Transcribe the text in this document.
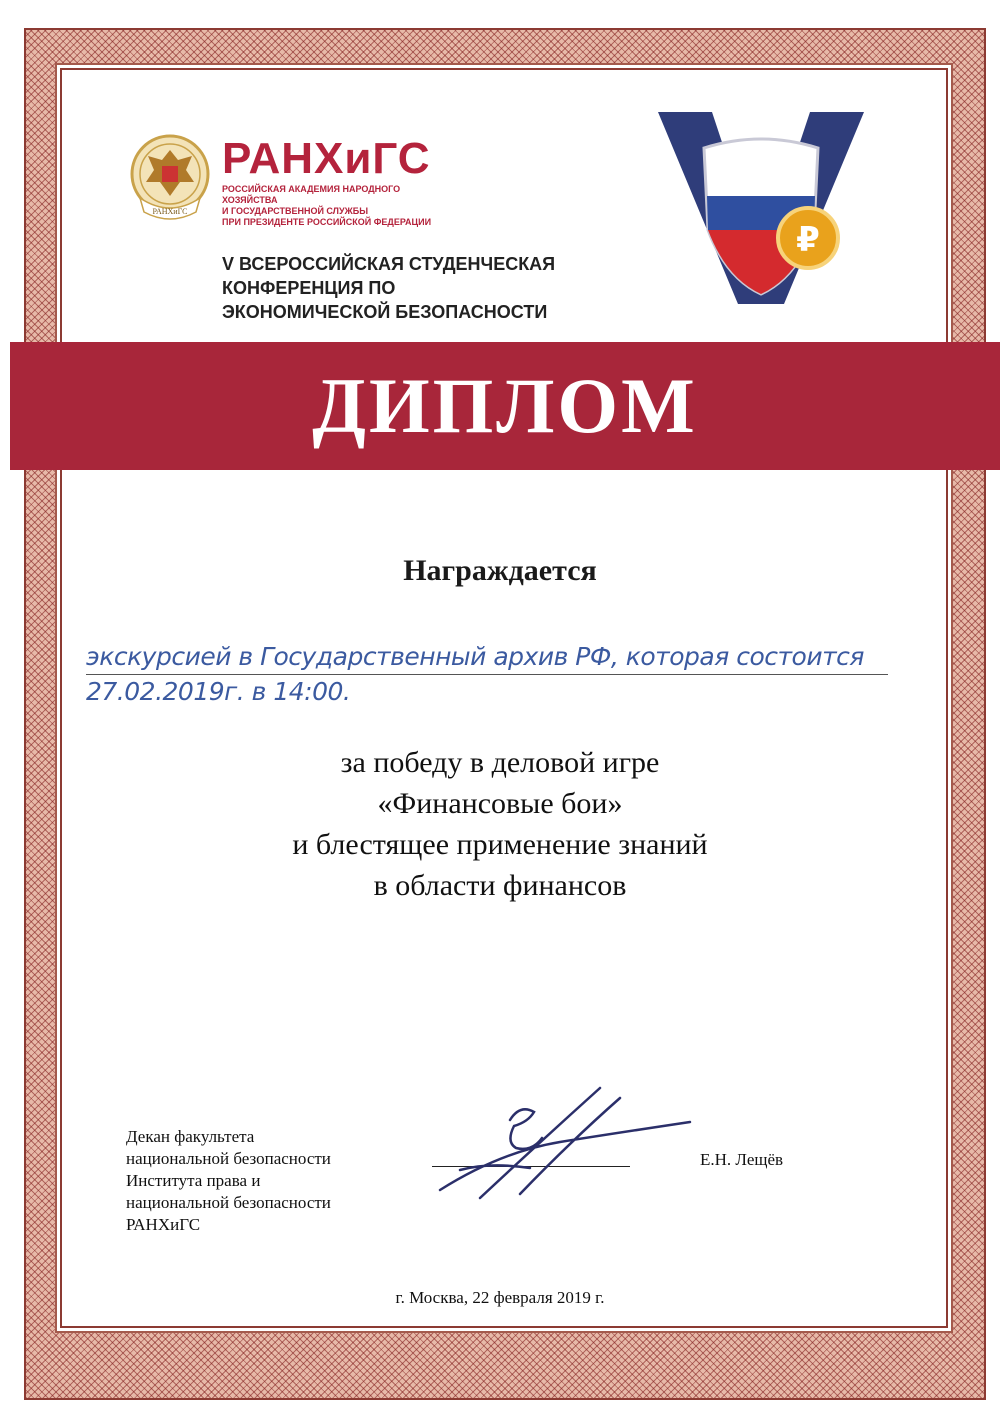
РАНХиГС
РАНХиГС
РОССИЙСКАЯ АКАДЕМИЯ НАРОДНОГО ХОЗЯЙСТВА
И ГОСУДАРСТВЕННОЙ СЛУЖБЫ
ПРИ ПРЕЗИДЕНТЕ РОССИЙСКОЙ ФЕДЕРАЦИИ
V ВСЕРОССИЙСКАЯ СТУДЕНЧЕСКАЯ
КОНФЕРЕНЦИЯ ПО
ЭКОНОМИЧЕСКОЙ БЕЗОПАСНОСТИ
₽
ДИПЛОМ
Награждается
экскурсией в Государственный архив РФ, которая состоится
27.02.2019г. в 14:00.
за победу в деловой игре
«Финансовые бои»
и блестящее применение знаний
в области финансов
Декан факультета
национальной безопасности
Института права и
национальной безопасности
РАНХиГС
Е.Н. Лещёв
г. Москва, 22 февраля 2019 г.
